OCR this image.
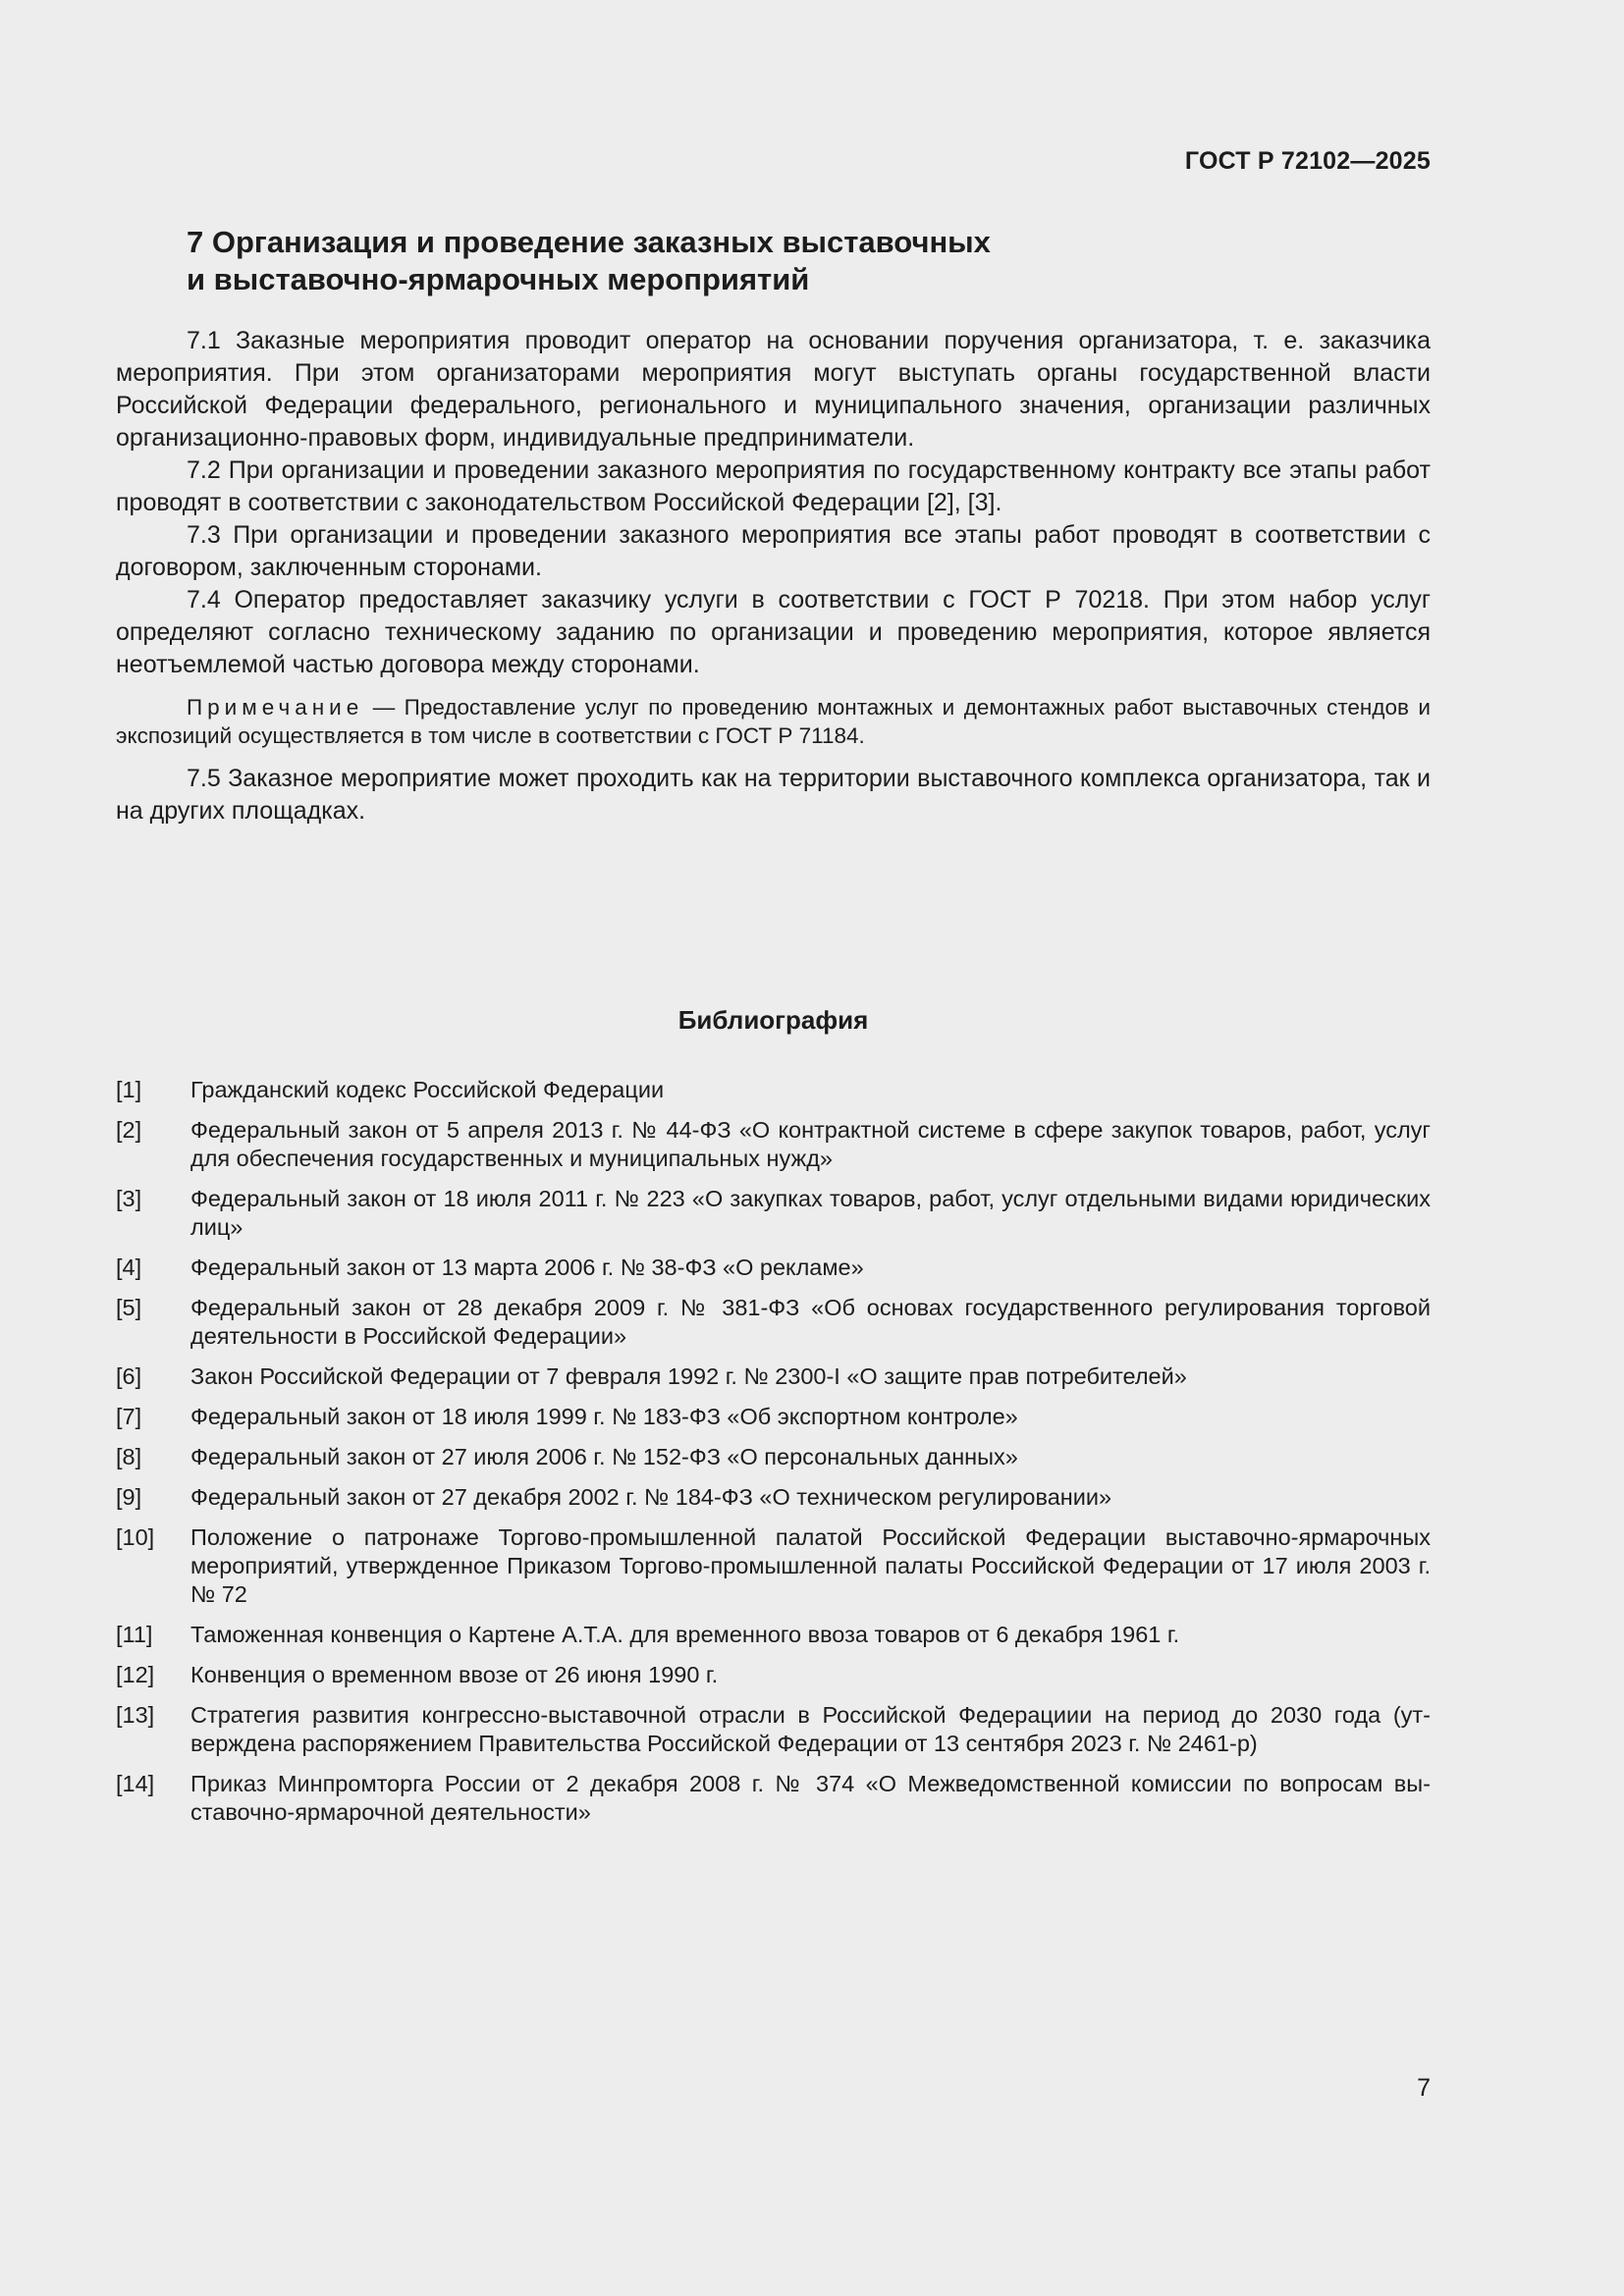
ГОСТ Р 72102—2025
7 Организация и проведение заказных выставочных
и выставочно-ярмарочных мероприятий

7.1 Заказные мероприятия проводит оператор на основании поручения организатора, т. е. заказчика мероприятия. При этом организаторами мероприятия могут выступать органы государственной власти Российской Федерации федерального, регионального и муниципального значения, организации различных организационно-правовых форм, индивидуальные предприниматели.

7.2 При организации и проведении заказного мероприятия по государственному контракту все этапы работ проводят в соответствии с законодательством Российской Федерации [2], [3].

7.3 При организации и проведении заказного мероприятия все этапы работ проводят в соответствии с договором, заключенным сторонами.

7.4 Оператор предоставляет заказчику услуги в соответствии с ГОСТ Р 70218. При этом набор услуг определяют согласно техническому заданию по организации и проведению мероприятия, которое является неотъемлемой частью договора между сторонами.

Примечание — Предоставление услуг по проведению монтажных и демонтажных работ выставочных стендов и экспозиций осуществляется в том числе в соответствии с ГОСТ Р 71184.

7.5 Заказное мероприятие может проходить как на территории выставочного комплекса организатора, так и на других площадках.

Библиография
[1]	Гражданский кодекс Российской Федерации
[2]	Федеральный закон от 5 апреля 2013 г. № 44-ФЗ «О контрактной системе в сфере закупок товаров, работ, услуг для обеспечения государственных и муниципальных нужд»
[3]	Федеральный закон от 18 июля 2011 г. № 223 «О закупках товаров, работ, услуг отдельными видами юридических лиц»
[4]	Федеральный закон от 13 марта 2006 г. № 38-ФЗ «О рекламе»
[5]	Федеральный закон от 28 декабря 2009 г. № 381-ФЗ «Об основах государственного регулирования торговой деятельности в Российской Федерации»
[6]	Закон Российской Федерации от 7 февраля 1992 г. № 2300-I «О защите прав потребителей»
[7]	Федеральный закон от 18 июля 1999 г. № 183-ФЗ «Об экспортном контроле»
[8]	Федеральный закон от 27 июля 2006 г. № 152-ФЗ «О персональных данных»
[9]	Федеральный закон от 27 декабря 2002 г. № 184-ФЗ «О техническом регулировании»
[10]	Положение о патронаже Торгово-промышленной палатой Российской Федерации выставочно-ярмарочных мероприятий, утвержденное Приказом Торгово-промышленной палаты Российской Федерации от 17 июля 2003 г. № 72
[11]	Таможенная конвенция о Картене А.Т.А. для временного ввоза товаров от 6 декабря 1961 г.
[12]	Конвенция о временном ввозе от 26 июня 1990 г.
[13]	Стратегия развития конгрессно-выставочной отрасли в Российской Федерациии на период до 2030 года (утверждена распоряжением Правительства Российской Федерации от 13 сентября 2023 г. № 2461-р)
[14]	Приказ Минпромторга России от 2 декабря 2008 г. № 374 «О Межведомственной комиссии по вопросам выставочно-ярмарочной деятельности»
7
